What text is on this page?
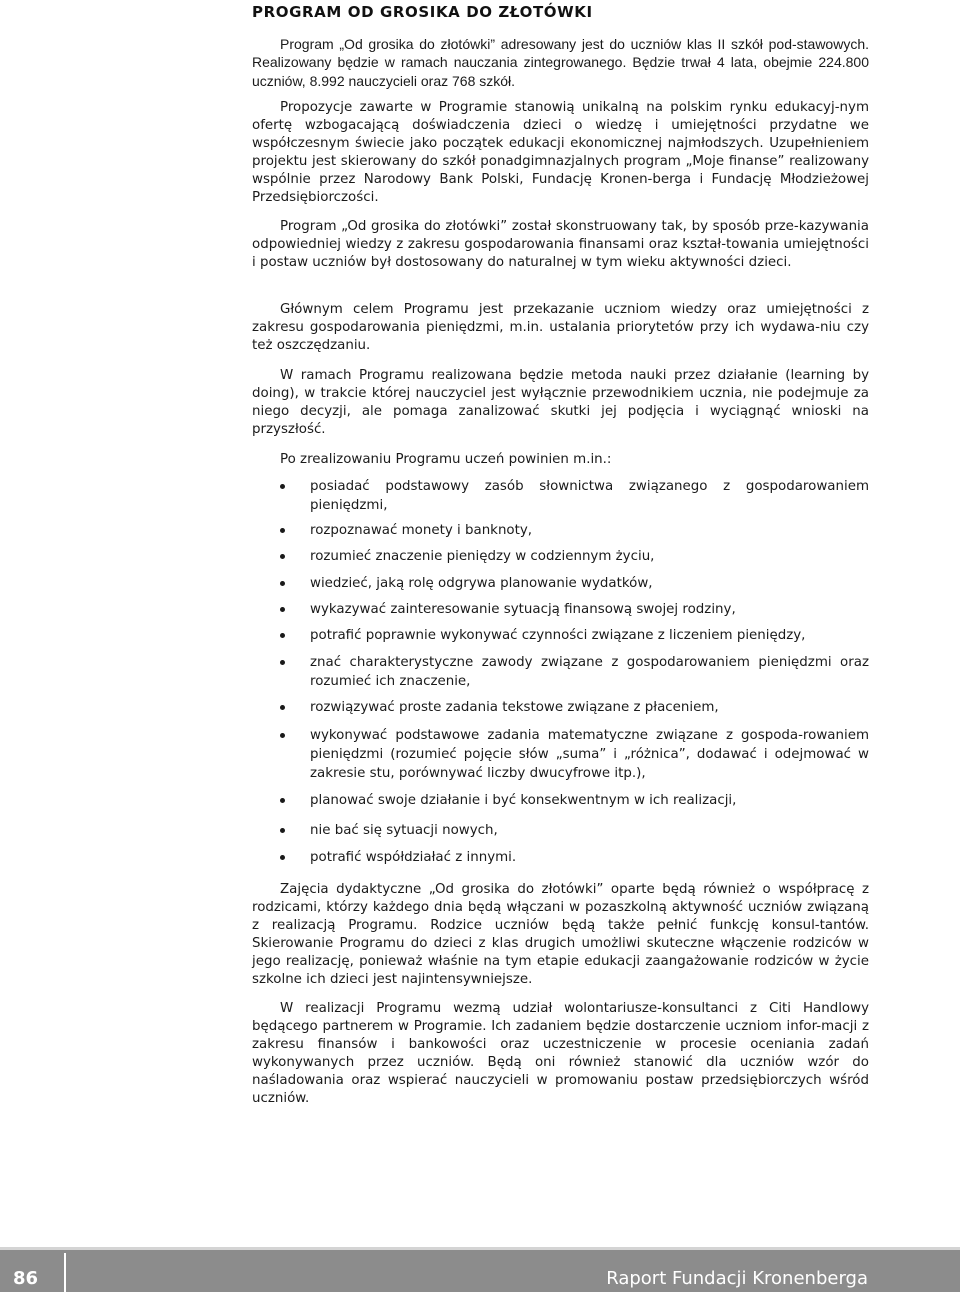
PROGRAM OD GROSIKA DO ZŁOTÓWKI

Program „Od grosika do złotówki” adresowany jest do uczniów klas II szkół pod-stawowych. Realizowany będzie w ramach nauczania zintegrowanego. Będzie trwał 4 lata, obejmie 224.800 uczniów, 8.992 nauczycieli oraz 768 szkół.

Propozycje zawarte w Programie stanowią unikalną na polskim rynku edukacyj-nym ofertę wzbogacającą doświadczenia dzieci o wiedzę i umiejętności przydatne we współczesnym świecie jako początek edukacji ekonomicznej najmłodszych. Uzupełnieniem projektu jest skierowany do szkół ponadgimnazjalnych program „Moje finanse” realizowany wspólnie przez Narodowy Bank Polski, Fundację Kronen-berga i Fundację Młodzieżowej Przedsiębiorczości.

Program „Od grosika do złotówki” został skonstruowany tak, by sposób prze-kazywania odpowiedniej wiedzy z zakresu gospodarowania finansami oraz kształ-towania umiejętności i postaw uczniów był dostosowany do naturalnej w tym wieku aktywności dzieci.

Głównym celem Programu jest przekazanie uczniom wiedzy oraz umiejętności z zakresu gospodarowania pieniędzmi, m.in. ustalania priorytetów przy ich wydawa-niu czy też oszczędzaniu.

W ramach Programu realizowana będzie metoda nauki przez działanie (learning by doing), w trakcie której nauczyciel jest wyłącznie przewodnikiem ucznia, nie podejmuje za niego decyzji, ale pomaga zanalizować skutki jej podjęcia i wyciągnąć wnioski na przyszłość.

Po zrealizowaniu Programu uczeń powinien m.in.:

posiadać podstawowy zasób słownictwa związanego z gospodarowaniem pieniędzmi,
rozpoznawać monety i banknoty,
rozumieć znaczenie pieniędzy w codziennym życiu,
wiedzieć, jaką rolę odgrywa planowanie wydatków,
wykazywać zainteresowanie sytuacją finansową swojej rodziny,
potrafić poprawnie wykonywać czynności związane z liczeniem pieniędzy,
znać charakterystyczne zawody związane z gospodarowaniem pieniędzmi oraz rozumieć ich znaczenie,
rozwiązywać proste zadania tekstowe związane z płaceniem,
wykonywać podstawowe zadania matematyczne związane z gospoda-rowaniem pieniędzmi (rozumieć pojęcie słów „suma” i „różnica”, dodawać i odejmować w zakresie stu, porównywać liczby dwucyfrowe itp.),
planować swoje działanie i być konsekwentnym w ich realizacji,
nie bać się sytuacji nowych,
potrafić współdziałać z innymi.

Zajęcia dydaktyczne „Od grosika do złotówki” oparte będą również o współpracę z rodzicami, którzy każdego dnia będą włączani w pozaszkolną aktywność uczniów związaną z realizacją Programu. Rodzice uczniów będą także pełnić funkcję konsul-tantów. Skierowanie Programu do dzieci z klas drugich umożliwi skuteczne włączenie rodziców w jego realizację, ponieważ właśnie na tym etapie edukacji zaangażowanie rodziców w życie szkolne ich dzieci jest najintensywniejsze.

W realizacji Programu wezmą udział wolontariusze-konsultanci z Citi Handlowy będącego partnerem w Programie. Ich zadaniem będzie dostarczenie uczniom infor-macji z zakresu finansów i bankowości oraz uczestniczenie w procesie oceniania zadań wykonywanych przez uczniów. Będą oni również stanowić dla uczniów wzór do naśladowania oraz wspierać nauczycieli w promowaniu postaw przedsiębiorczych wśród uczniów.

86	Raport Fundacji Kronenberga
